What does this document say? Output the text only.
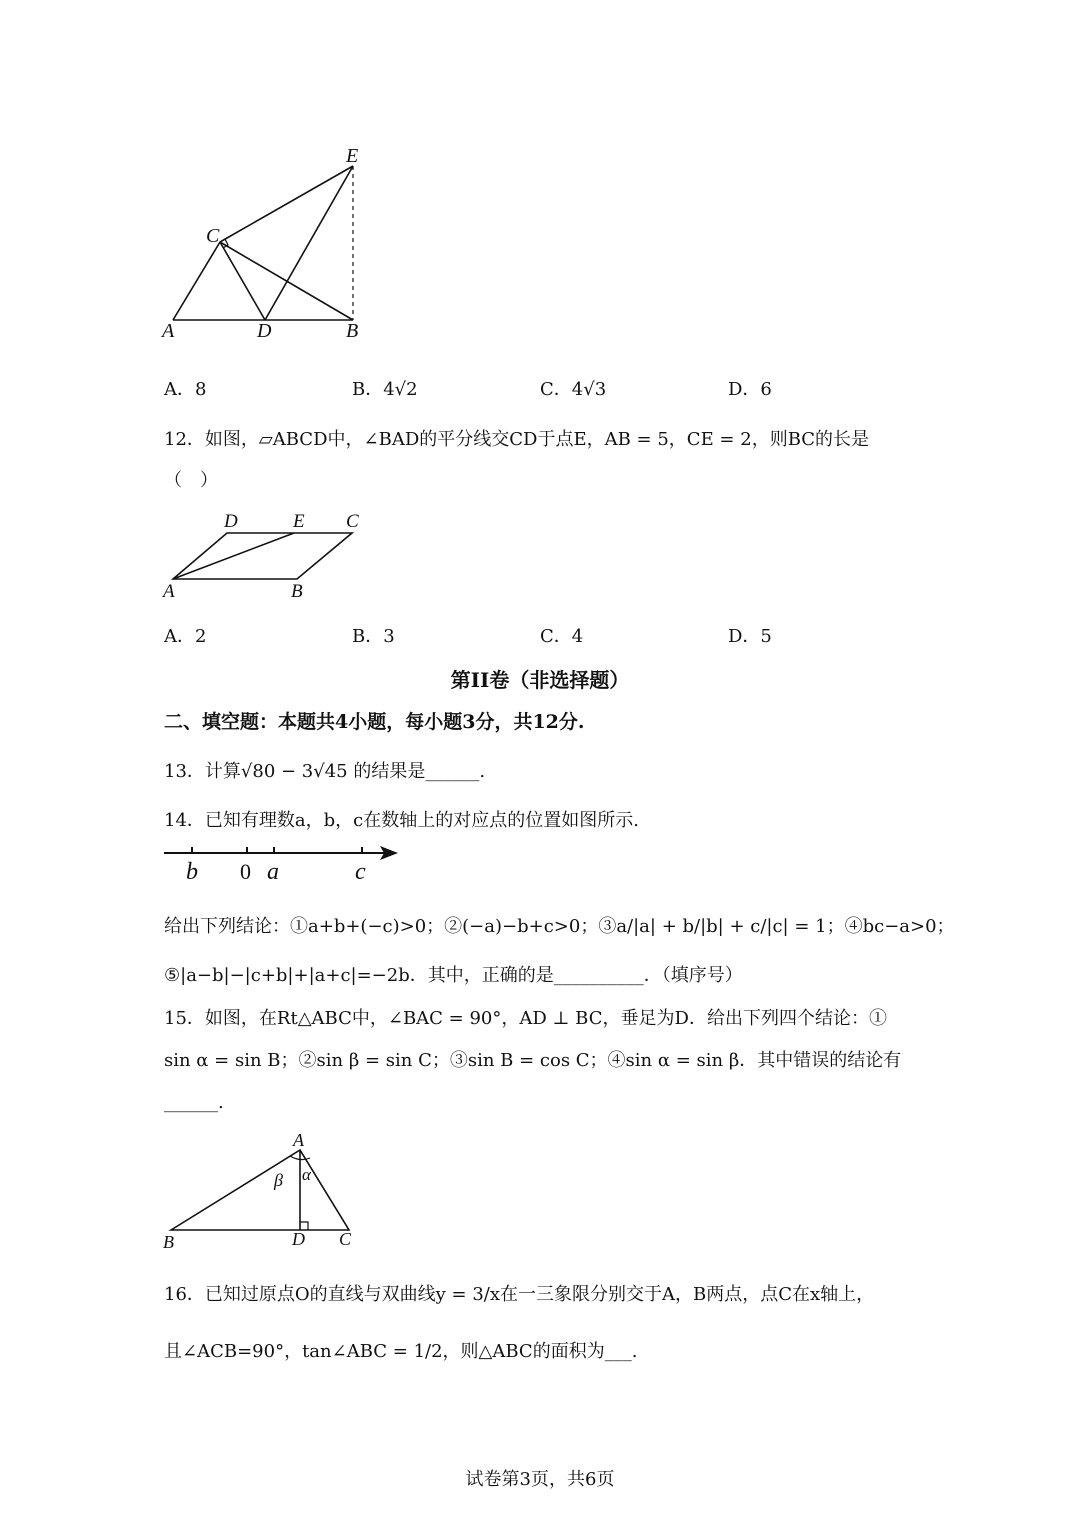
E
C
A	D	B
A．8	B．4√2	C．4√3	D．6
12．如图，▱ABCD中，∠BAD的平分线交CD于点E，AB = 5，CE = 2，则BC的长是
（　）
D	E C
A	B
A．2	B．3	C．4	D．5
第II卷（非选择题）
二、填空题：本题共4小题，每小题3分，共12分.
13．计算√80 − 3√45 的结果是______.
14．已知有理数a，b，c在数轴上的对应点的位置如图所示.
b 0 a	c
给出下列结论：①a+b+(−c)>0；②(−a)−b+c>0；③a/|a| + b/|b| + c/|c| = 1；④bc−a>0；
⑤|a−b|−|c+b|+|a+c|=−2b．其中，正确的是__________．（填序号）
15．如图，在Rt△ABC中，∠BAC = 90°，AD ⊥ BC，垂足为D．给出下列四个结论：①
sin α = sin B；②sin β = sin C；③sin B = cos C；④sin α = sin β．其中错误的结论有
______.
A
β α
B	D C
16．已知过原点O的直线与双曲线y = 3/x在一三象限分别交于A，B两点，点C在x轴上，
且∠ACB=90°，tan∠ABC = 1/2，则△ABC的面积为___.
试卷第3页，共6页
